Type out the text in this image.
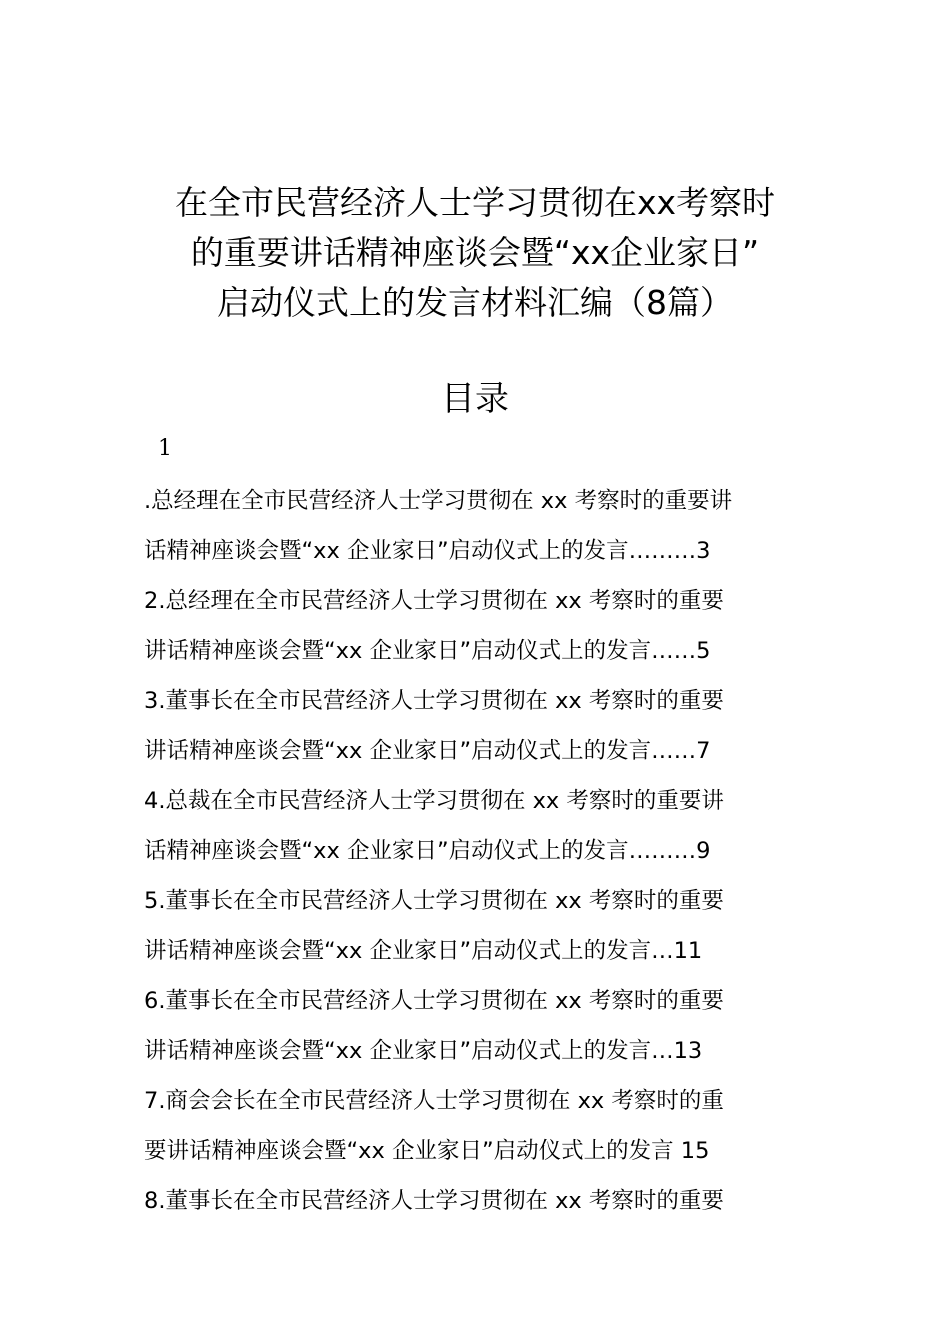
在全市民营经济人士学习贯彻在xx考察时
的重要讲话精神座谈会暨“xx企业家日”
启动仪式上的发言材料汇编（8篇）
目录
1
.总经理在全市民营经济人士学习贯彻在 xx 考察时的重要讲
话精神座谈会暨“xx 企业家日”启动仪式上的发言………3
2.总经理在全市民营经济人士学习贯彻在 xx 考察时的重要
讲话精神座谈会暨“xx 企业家日”启动仪式上的发言……5
3.董事长在全市民营经济人士学习贯彻在 xx 考察时的重要
讲话精神座谈会暨“xx 企业家日”启动仪式上的发言……7
4.总裁在全市民营经济人士学习贯彻在 xx 考察时的重要讲
话精神座谈会暨“xx 企业家日”启动仪式上的发言………9
5.董事长在全市民营经济人士学习贯彻在 xx 考察时的重要
讲话精神座谈会暨“xx 企业家日”启动仪式上的发言…11
6.董事长在全市民营经济人士学习贯彻在 xx 考察时的重要
讲话精神座谈会暨“xx 企业家日”启动仪式上的发言…13
7.商会会长在全市民营经济人士学习贯彻在 xx 考察时的重
要讲话精神座谈会暨“xx 企业家日”启动仪式上的发言 15
8.董事长在全市民营经济人士学习贯彻在 xx 考察时的重要
